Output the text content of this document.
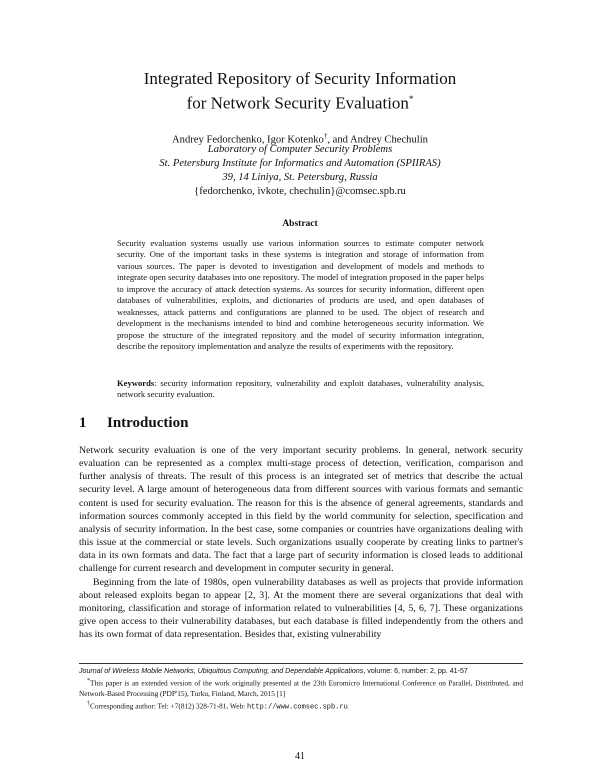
Integrated Repository of Security Information
for Network Security Evaluation*
Andrey Fedorchenko, Igor Kotenko†, and Andrey Chechulin
Laboratory of Computer Security Problems
St. Petersburg Institute for Informatics and Automation (SPIIRAS)
39, 14 Liniya, St. Petersburg, Russia
{fedorchenko, ivkote, chechulin}@comsec.spb.ru
Abstract
Security evaluation systems usually use various information sources to estimate computer network security. One of the important tasks in these systems is integration and storage of information from various sources. The paper is devoted to investigation and development of models and methods to integrate open security databases into one repository. The model of integration proposed in the paper helps to improve the accuracy of attack detection systems. As sources for security information, different open databases of vulnerabilities, exploits, and dictionaries of products are used, and open databases of weaknesses, attack patterns and configurations are planned to be used. The object of research and development is the mechanisms intended to bind and combine heterogeneous security information. We propose the structure of the integrated repository and the model of security information integration, describe the repository implementation and analyze the results of experiments with the repository.
Keywords: security information repository, vulnerability and exploit databases, vulnerability analysis, network security evaluation.
1 Introduction

Network security evaluation is one of the very important security problems. In general, network security evaluation can be represented as a complex multi-stage process of detection, verification, comparison and further analysis of threats. The result of this process is an integrated set of metrics that describe the actual security level. A large amount of heterogeneous data from different sources with various formats and semantic content is used for security evaluation. The reason for this is the absence of general agreements, standards and information sources commonly accepted in this field by the world community for selection, specification and analysis of security information. In the best case, some companies or countries have organizations dealing with this issue at the commercial or state levels. Such organizations usually cooperate by creating links to partner's data in its own formats and data. The fact that a large part of security information is closed leads to additional challenge for current research and development in computer security in general.

Beginning from the late of 1980s, open vulnerability databases as well as projects that provide information about released exploits began to appear [2, 3]. At the moment there are several organizations that deal with monitoring, classification and storage of information related to vulnerabilities [4, 5, 6, 7]. These organizations give open access to their vulnerability databases, but each database is filled independently from the others and has its own format of data representation. Besides that, existing vulnerability

Journal of Wireless Mobile Networks, Ubiquitous Computing, and Dependable Applications, volume: 6, number: 2, pp. 41-57
*This paper is an extended version of the work originally presented at the 23th Euromicro International Conference on Parallel, Distributed, and Network-Based Processing (PDP'15), Turku, Finland, March, 2015 [1]
†Corresponding author: Tel: +7(812) 328-71-81, Web: http://www.comsec.spb.ru
41
